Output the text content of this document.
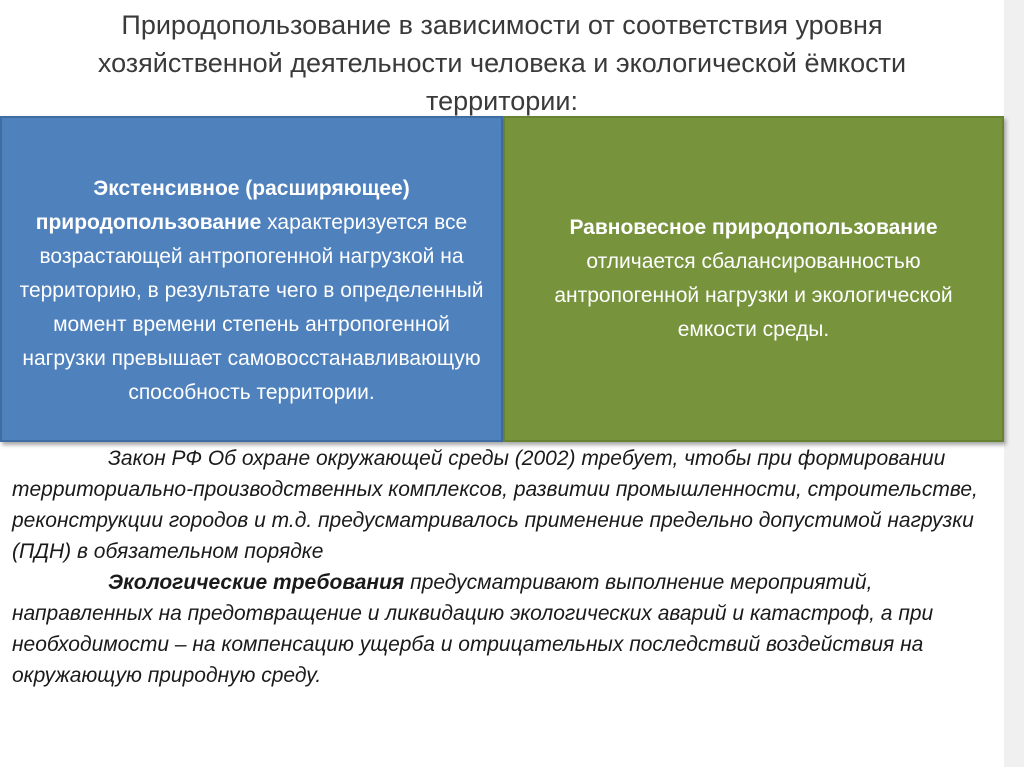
Природопользование в зависимости от соответствия уровня
хозяйственной деятельности человека и экологической ёмкости
территории:
Экстенсивное (расширяющее) природопользование характеризуется все возрастающей антропогенной нагрузкой на территорию, в результате чего в определенный момент времени степень антропогенной нагрузки превышает самовосстанавливающую способность территории.
Равновесное природопользование отличается сбалансированностью антропогенной нагрузки и экологической емкости среды.

Закон РФ Об охране окружающей среды (2002) требует, чтобы при формировании территориально-производственных комплексов, развитии промышленности, строительстве, реконструкции городов и т.д. предусматривалось применение предельно допустимой нагрузки (ПДН) в обязательном порядке

Экологические требования предусматривают выполнение мероприятий, направленных на предотвращение и ликвидацию экологических аварий и катастроф, а при необходимости – на компенсацию ущерба и отрицательных последствий воздействия на окружающую природную среду.
